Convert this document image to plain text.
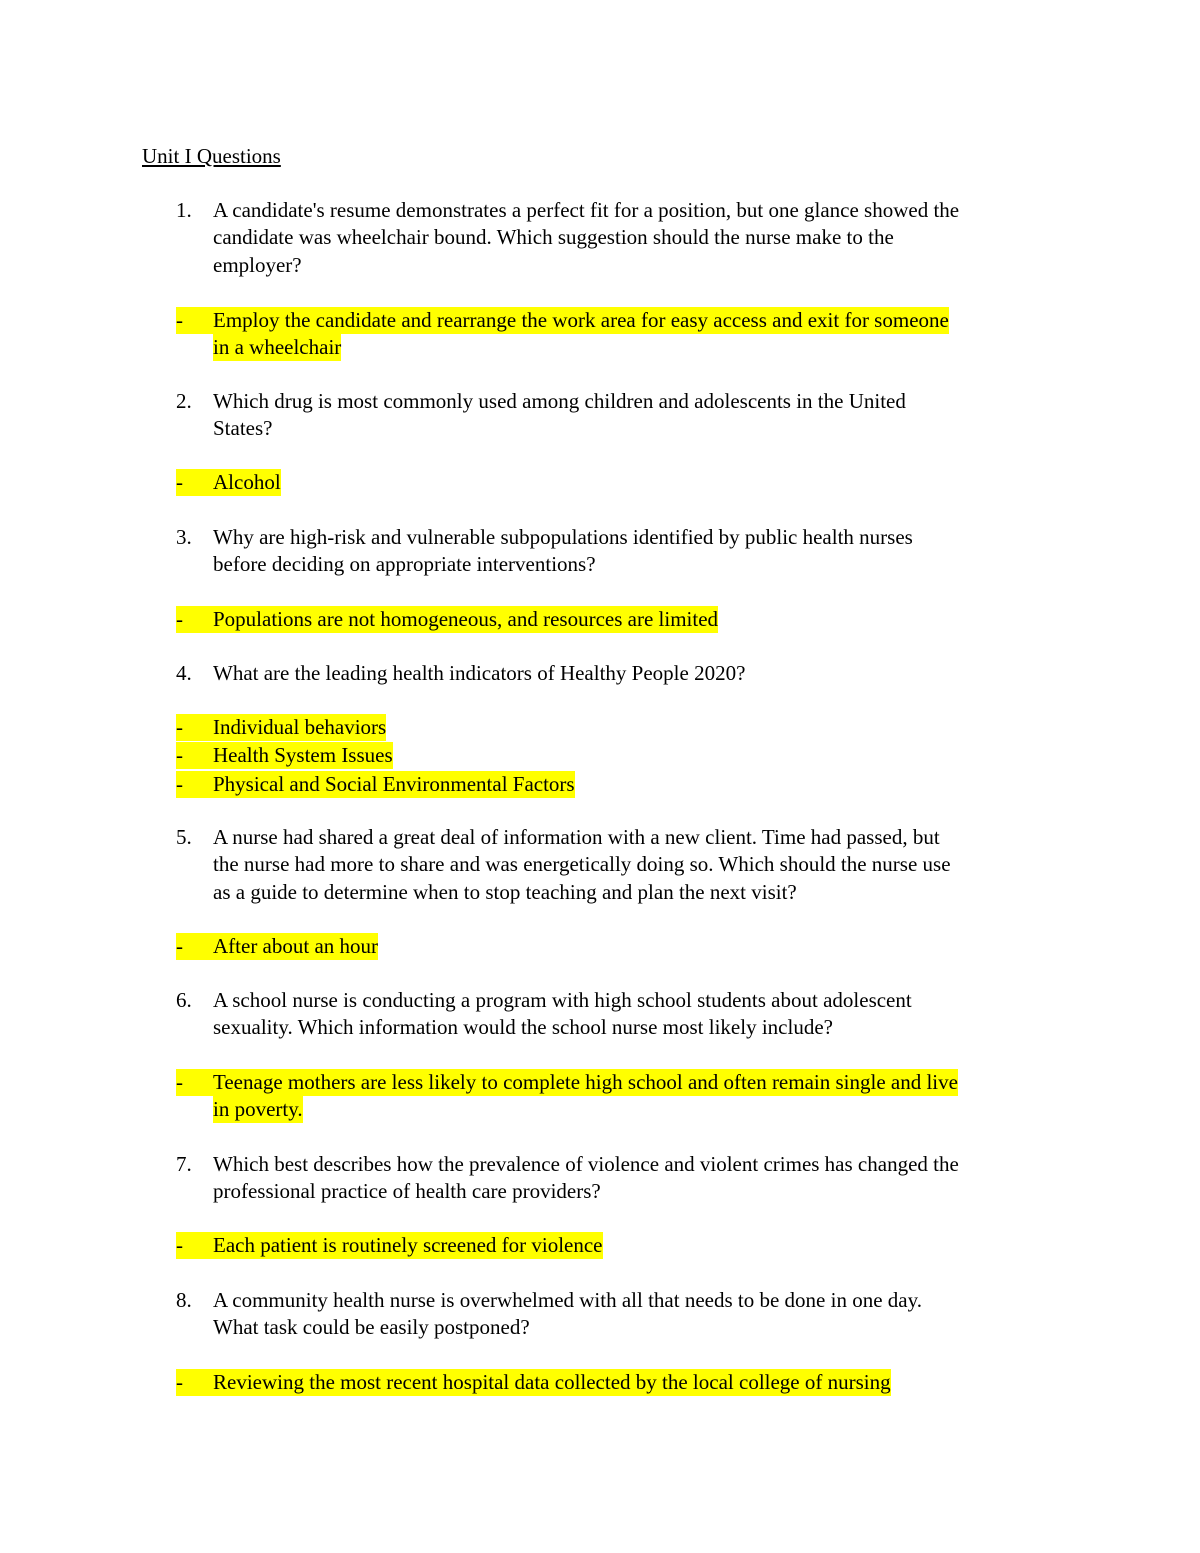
Unit I Questions
1.	A candidate's resume demonstrates a perfect fit for a position, but one glance showed the
candidate was wheelchair bound. Which suggestion should the nurse make to the
employer?
-	Employ the candidate and rearrange the work area for easy access and exit for someone
in a wheelchair
2.	Which drug is most commonly used among children and adolescents in the United
States?
-	Alcohol
3.	Why are high-risk and vulnerable subpopulations identified by public health nurses
before deciding on appropriate interventions?
-	Populations are not homogeneous, and resources are limited
4.	What are the leading health indicators of Healthy People 2020?
-	Individual behaviors
-	Health System Issues
-	Physical and Social Environmental Factors
5.	A nurse had shared a great deal of information with a new client. Time had passed, but
the nurse had more to share and was energetically doing so. Which should the nurse use
as a guide to determine when to stop teaching and plan the next visit?
-	After about an hour
6.	A school nurse is conducting a program with high school students about adolescent
sexuality. Which information would the school nurse most likely include?
-	Teenage mothers are less likely to complete high school and often remain single and live
in poverty.
7.	Which best describes how the prevalence of violence and violent crimes has changed the
professional practice of health care providers?
-	Each patient is routinely screened for violence
8.	A community health nurse is overwhelmed with all that needs to be done in one day.
What task could be easily postponed?
-	Reviewing the most recent hospital data collected by the local college of nursing
